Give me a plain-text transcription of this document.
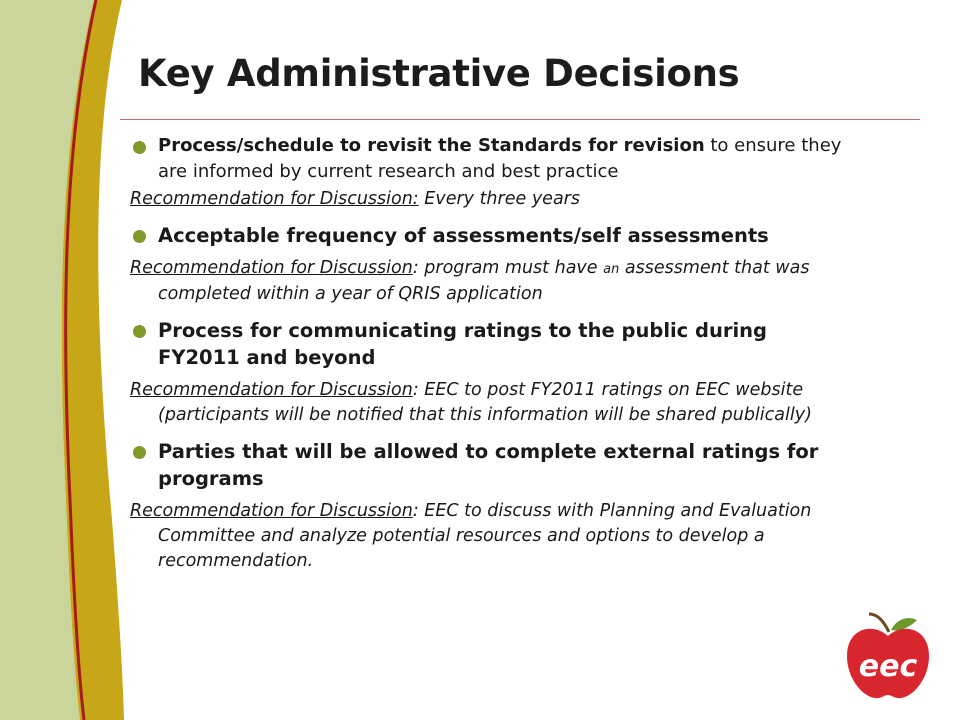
Key Administrative Decisions
Process/schedule to revisit the Standards for revision to ensure they are informed by current research and best practice
Recommendation for Discussion: Every three years
Acceptable frequency of assessments/self assessments
Recommendation for Discussion: program must have an assessment that was completed within a year of QRIS application
Process for communicating ratings to the public during FY2011 and beyond
Recommendation for Discussion: EEC to post FY2011 ratings on EEC website (participants will be notified that this information will be shared publically)
Parties that will be allowed to complete external ratings for programs
Recommendation for Discussion: EEC to discuss with Planning and Evaluation Committee and analyze potential resources and options to develop a recommendation.
eec
